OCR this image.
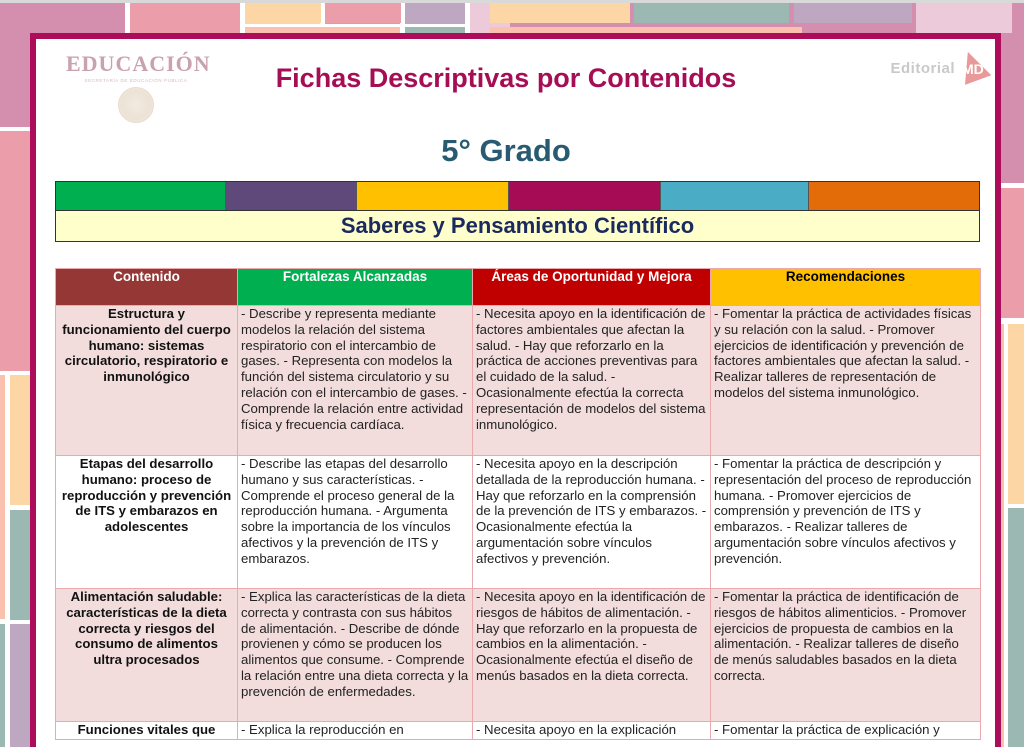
EDUCACIÓN
SECRETARÍA DE EDUCACIÓN PÚBLICA
Editorial MD
Fichas Descriptivas por Contenidos
5° Grado
Saberes y Pensamiento Científico
Contenido	Fortalezas Alcanzadas	Áreas de Oportunidad y Mejora	Recomendaciones
Estructura y funcionamiento del cuerpo humano: sistemas circulatorio, respiratorio e inmunológico	- Describe y representa mediante modelos la relación del sistema respiratorio con el intercambio de gases. - Representa con modelos la función del sistema circulatorio y su relación con el intercambio de gases. - Comprende la relación entre actividad física y frecuencia cardíaca.	- Necesita apoyo en la identificación de factores ambientales que afectan la salud. - Hay que reforzarlo en la práctica de acciones preventivas para el cuidado de la salud. - Ocasionalmente efectúa la correcta representación de modelos del sistema inmunológico.	- Fomentar la práctica de actividades físicas y su relación con la salud. - Promover ejercicios de identificación y prevención de factores ambientales que afectan la salud. - Realizar talleres de representación de modelos del sistema inmunológico.
Etapas del desarrollo humano: proceso de reproducción y prevención de ITS y embarazos en adolescentes	- Describe las etapas del desarrollo humano y sus características. - Comprende el proceso general de la reproducción humana. - Argumenta sobre la importancia de los vínculos afectivos y la prevención de ITS y embarazos.	- Necesita apoyo en la descripción detallada de la reproducción humana. - Hay que reforzarlo en la comprensión de la prevención de ITS y embarazos. - Ocasionalmente efectúa la argumentación sobre vínculos afectivos y prevención.	- Fomentar la práctica de descripción y representación del proceso de reproducción humana. - Promover ejercicios de comprensión y prevención de ITS y embarazos. - Realizar talleres de argumentación sobre vínculos afectivos y prevención.
Alimentación saludable: características de la dieta correcta y riesgos del consumo de alimentos ultra procesados	- Explica las características de la dieta correcta y contrasta con sus hábitos de alimentación. - Describe de dónde provienen y cómo se producen los alimentos que consume. - Comprende la relación entre una dieta correcta y la prevención de enfermedades.	- Necesita apoyo en la identificación de riesgos de hábitos de alimentación. - Hay que reforzarlo en la propuesta de cambios en la alimentación. - Ocasionalmente efectúa el diseño de menús basados en la dieta correcta.	- Fomentar la práctica de identificación de riesgos de hábitos alimenticios. - Promover ejercicios de propuesta de cambios en la alimentación. - Realizar talleres de diseño de menús saludables basados en la dieta correcta.
Funciones vitales que	- Explica la reproducción en	- Necesita apoyo en la explicación	- Fomentar la práctica de explicación y
